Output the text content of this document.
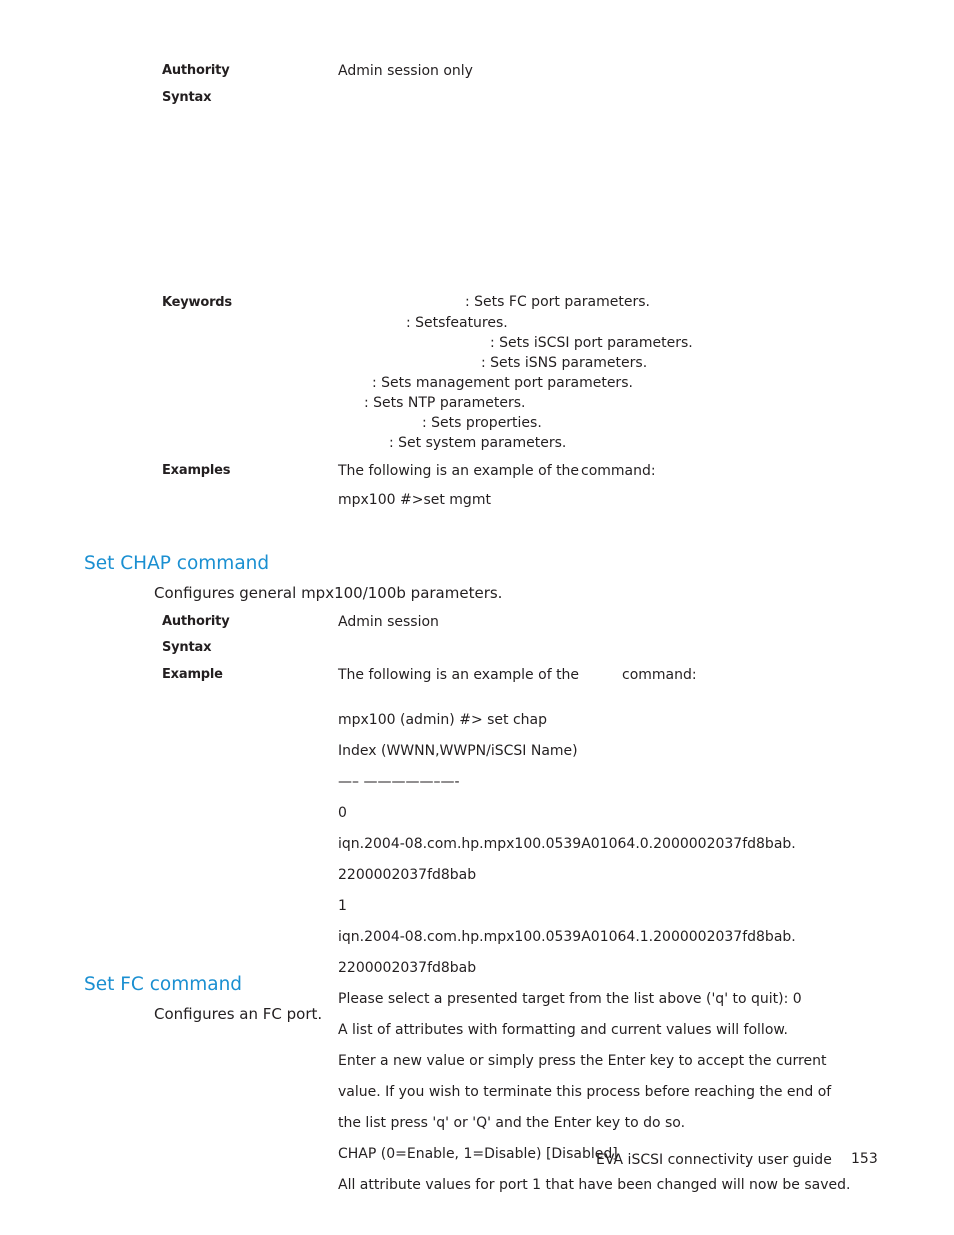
Authority	Admin session only
Syntax
Keywords	: Sets FC port parameters.
: Setsfeatures.
: Sets iSCSI port parameters.
: Sets iSNS parameters.
: Sets management port parameters.
: Sets NTP parameters.
: Sets properties.
: Set system parameters.
Examples	The following is an example of the command:
mpx100 #>set mgmt
Set CHAP command
Configures general mpx100/100b parameters.
Authority	Admin session
Syntax
Example	The following is an example of the	command:

mpx100 (admin) #> set chap

Index (WWNN,WWPN/iSCSI Name)

—– —————–—-

0

iqn.2004-08.com.hp.mpx100.0539A01064.0.2000002037fd8bab.

2200002037fd8bab

1

iqn.2004-08.com.hp.mpx100.0539A01064.1.2000002037fd8bab.

2200002037fd8bab

Please select a presented target from the list above ('q' to quit): 0

A list of attributes with formatting and current values will follow.

Enter a new value or simply press the Enter key to accept the current

value. If you wish to terminate this process before reaching the end of

the list press 'q' or 'Q' and the Enter key to do so.

CHAP (0=Enable, 1=Disable) [Disabled]

All attribute values for port 1 that have been changed will now be saved.

Set FC command
Configures an FC port.
EVA iSCSI connectivity user guide 153
